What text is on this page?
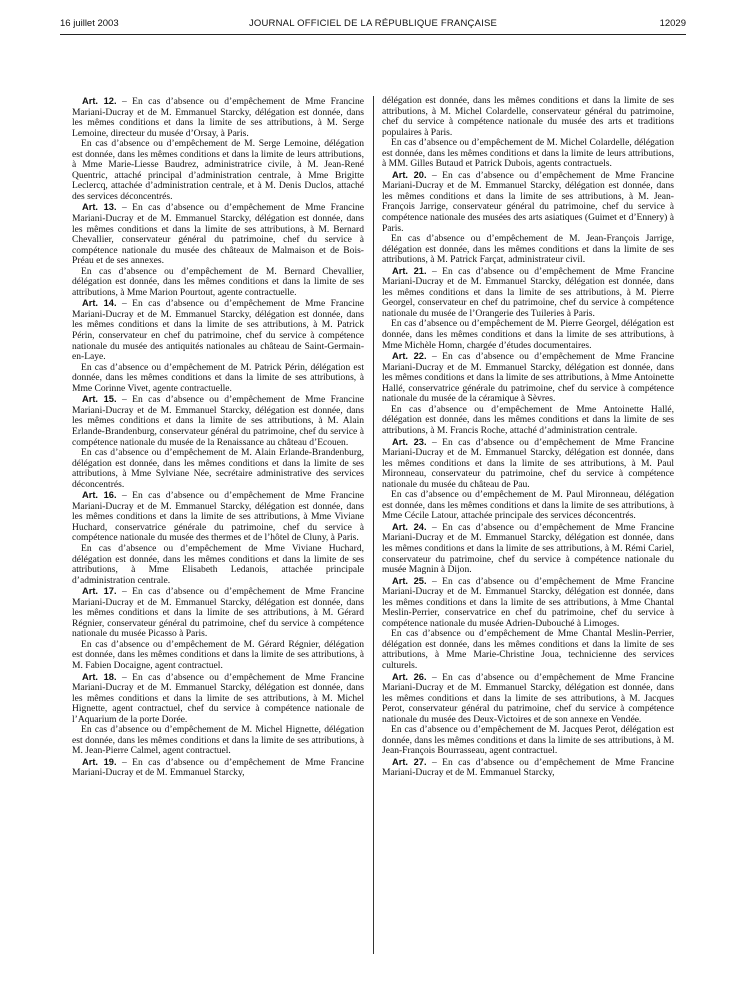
16 juillet 2003	JOURNAL OFFICIEL DE LA RÉPUBLIQUE FRANÇAISE	12029

Art. 12. – En cas d’absence ou d’empêchement de Mme Francine Mariani-Ducray et de M. Emmanuel Starcky, délégation est donnée, dans les mêmes conditions et dans la limite de ses attributions, à M. Serge Lemoine, directeur du musée d’Orsay, à Paris.

En cas d’absence ou d’empêchement de M. Serge Lemoine, délégation est donnée, dans les mêmes conditions et dans la limite de leurs attributions, à Mme Marie-Liesse Baudrez, administratrice civile, à M. Jean-René Quentric, attaché principal d’administration centrale, à Mme Brigitte Leclercq, attachée d’administration centrale, et à M. Denis Duclos, attaché des services déconcentrés.

Art. 13. – En cas d’absence ou d’empêchement de Mme Francine Mariani-Ducray et de M. Emmanuel Starcky, délégation est donnée, dans les mêmes conditions et dans la limite de ses attributions, à M. Bernard Chevallier, conservateur général du patrimoine, chef du service à compétence nationale du musée des châteaux de Malmaison et de Bois-Préau et de ses annexes.

En cas d’absence ou d’empêchement de M. Bernard Chevallier, délégation est donnée, dans les mêmes conditions et dans la limite de ses attributions, à Mme Marion Pourtout, agente contractuelle.

Art. 14. – En cas d’absence ou d’empêchement de Mme Francine Mariani-Ducray et de M. Emmanuel Starcky, délégation est donnée, dans les mêmes conditions et dans la limite de ses attributions, à M. Patrick Périn, conservateur en chef du patrimoine, chef du service à compétence nationale du musée des antiquités nationales au château de Saint-Germain-en-Laye.

En cas d’absence ou d’empêchement de M. Patrick Périn, délégation est donnée, dans les mêmes conditions et dans la limite de ses attributions, à Mme Corinne Vivet, agente contractuelle.

Art. 15. – En cas d’absence ou d’empêchement de Mme Francine Mariani-Ducray et de M. Emmanuel Starcky, délégation est donnée, dans les mêmes conditions et dans la limite de ses attributions, à M. Alain Erlande-Brandenburg, conservateur général du patrimoine, chef du service à compétence nationale du musée de la Renaissance au château d’Ecouen.

En cas d’absence ou d’empêchement de M. Alain Erlande-Brandenburg, délégation est donnée, dans les mêmes conditions et dans la limite de ses attributions, à Mme Sylviane Née, secrétaire administrative des services déconcentrés.

Art. 16. – En cas d’absence ou d’empêchement de Mme Francine Mariani-Ducray et de M. Emmanuel Starcky, délégation est donnée, dans les mêmes conditions et dans la limite de ses attributions, à Mme Viviane Huchard, conservatrice générale du patrimoine, chef du service à compétence nationale du musée des thermes et de l’hôtel de Cluny, à Paris.

En cas d’absence ou d’empêchement de Mme Viviane Huchard, délégation est donnée, dans les mêmes conditions et dans la limite de ses attributions, à Mme Elisabeth Ledanois, attachée principale d’administration centrale.

Art. 17. – En cas d’absence ou d’empêchement de Mme Francine Mariani-Ducray et de M. Emmanuel Starcky, délégation est donnée, dans les mêmes conditions et dans la limite de ses attributions, à M. Gérard Régnier, conservateur général du patrimoine, chef du service à compétence nationale du musée Picasso à Paris.

En cas d’absence ou d’empêchement de M. Gérard Régnier, délégation est donnée, dans les mêmes conditions et dans la limite de ses attributions, à M. Fabien Docaigne, agent contractuel.

Art. 18. – En cas d’absence ou d’empêchement de Mme Francine Mariani-Ducray et de M. Emmanuel Starcky, délégation est donnée, dans les mêmes conditions et dans la limite de ses attributions, à M. Michel Hignette, agent contractuel, chef du service à compétence nationale de l’Aquarium de la porte Dorée.

En cas d’absence ou d’empêchement de M. Michel Hignette, délégation est donnée, dans les mêmes conditions et dans la limite de ses attributions, à M. Jean-Pierre Calmel, agent contractuel.

Art. 19. – En cas d’absence ou d’empêchement de Mme Francine Mariani-Ducray et de M. Emmanuel Starcky,

délégation est donnée, dans les mêmes conditions et dans la limite de ses attributions, à M. Michel Colardelle, conservateur général du patrimoine, chef du service à compétence nationale du musée des arts et traditions populaires à Paris.

En cas d’absence ou d’empêchement de M. Michel Colardelle, délégation est donnée, dans les mêmes conditions et dans la limite de leurs attributions, à MM. Gilles Butaud et Patrick Dubois, agents contractuels.

Art. 20. – En cas d’absence ou d’empêchement de Mme Francine Mariani-Ducray et de M. Emmanuel Starcky, délégation est donnée, dans les mêmes conditions et dans la limite de ses attributions, à M. Jean-François Jarrige, conservateur général du patrimoine, chef du service à compétence nationale des musées des arts asiatiques (Guimet et d’Ennery) à Paris.

En cas d’absence ou d’empêchement de M. Jean-François Jarrige, délégation est donnée, dans les mêmes conditions et dans la limite de ses attributions, à M. Patrick Farçat, administrateur civil.

Art. 21. – En cas d’absence ou d’empêchement de Mme Francine Mariani-Ducray et de M. Emmanuel Starcky, délégation est donnée, dans les mêmes conditions et dans la limite de ses attributions, à M. Pierre Georgel, conservateur en chef du patrimoine, chef du service à compétence nationale du musée de l’Orangerie des Tuileries à Paris.

En cas d’absence ou d’empêchement de M. Pierre Georgel, délégation est donnée, dans les mêmes conditions et dans la limite de ses attributions, à Mme Michèle Homn, chargée d’études documentaires.

Art. 22. – En cas d’absence ou d’empêchement de Mme Francine Mariani-Ducray et de M. Emmanuel Starcky, délégation est donnée, dans les mêmes conditions et dans la limite de ses attributions, à Mme Antoinette Hallé, conservatrice générale du patrimoine, chef du service à compétence nationale du musée de la céramique à Sèvres.

En cas d’absence ou d’empêchement de Mme Antoinette Hallé, délégation est donnée, dans les mêmes conditions et dans la limite de ses attributions, à M. Francis Roche, attaché d’administration centrale.

Art. 23. – En cas d’absence ou d’empêchement de Mme Francine Mariani-Ducray et de M. Emmanuel Starcky, délégation est donnée, dans les mêmes conditions et dans la limite de ses attributions, à M. Paul Mironneau, conservateur du patrimoine, chef du service à compétence nationale du musée du château de Pau.

En cas d’absence ou d’empêchement de M. Paul Mironneau, délégation est donnée, dans les mêmes conditions et dans la limite de ses attributions, à Mme Cécile Latour, attachée principale des services déconcentrés.

Art. 24. – En cas d’absence ou d’empêchement de Mme Francine Mariani-Ducray et de M. Emmanuel Starcky, délégation est donnée, dans les mêmes conditions et dans la limite de ses attributions, à M. Rémi Cariel, conservateur du patrimoine, chef du service à compétence nationale du musée Magnin à Dijon.

Art. 25. – En cas d’absence ou d’empêchement de Mme Francine Mariani-Ducray et de M. Emmanuel Starcky, délégation est donnée, dans les mêmes conditions et dans la limite de ses attributions, à Mme Chantal Meslin-Perrier, conservatrice en chef du patrimoine, chef du service à compétence nationale du musée Adrien-Dubouché à Limoges.

En cas d’absence ou d’empêchement de Mme Chantal Meslin-Perrier, délégation est donnée, dans les mêmes conditions et dans la limite de ses attributions, à Mme Marie-Christine Joua, technicienne des services culturels.

Art. 26. – En cas d’absence ou d’empêchement de Mme Francine Mariani-Ducray et de M. Emmanuel Starcky, délégation est donnée, dans les mêmes conditions et dans la limite de ses attributions, à M. Jacques Perot, conservateur général du patrimoine, chef du service à compétence nationale du musée des Deux-Victoires et de son annexe en Vendée.

En cas d’absence ou d’empêchement de M. Jacques Perot, délégation est donnée, dans les mêmes conditions et dans la limite de ses attributions, à M. Jean-François Bourrasseau, agent contractuel.

Art. 27. – En cas d’absence ou d’empêchement de Mme Francine Mariani-Ducray et de M. Emmanuel Starcky,
